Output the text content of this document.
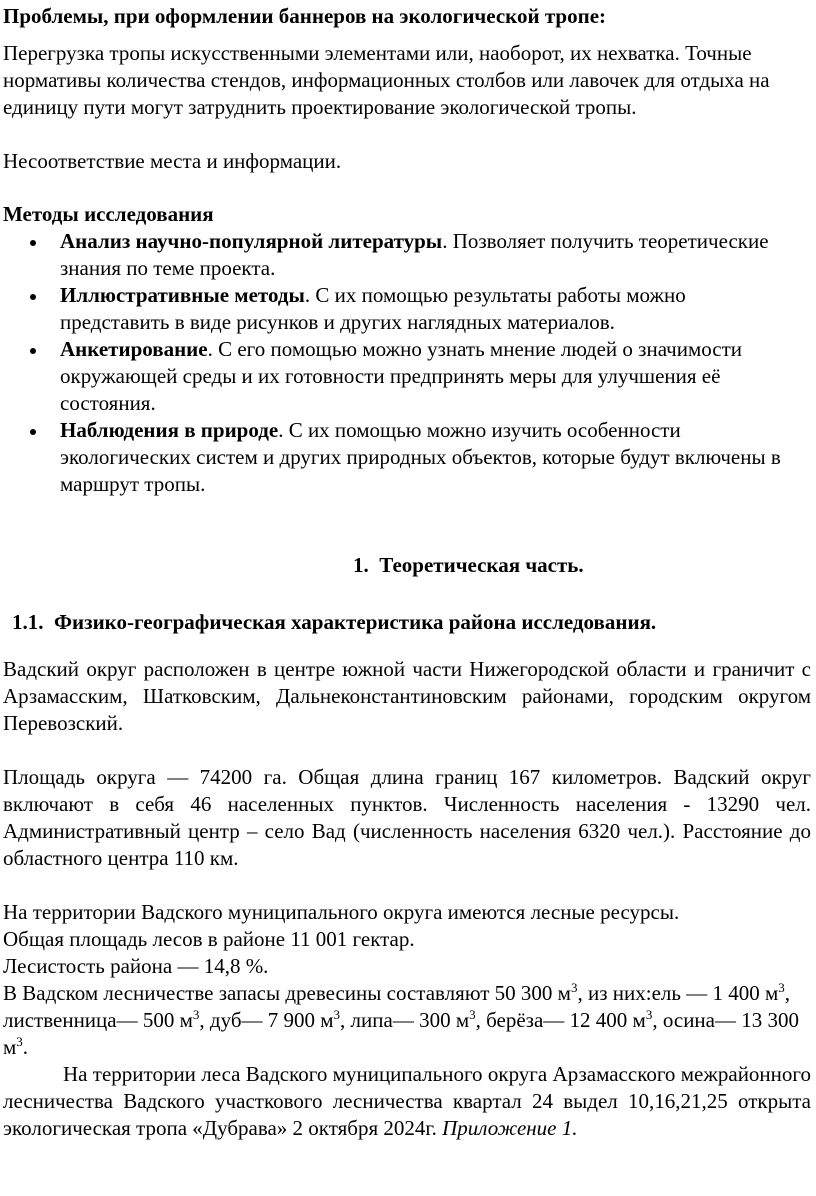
Проблемы, при оформлении баннеров на экологической тропе:
Перегрузка тропы искусственными элементами или, наоборот, их нехватка. Точные нормативы количества стендов, информационных столбов или лавочек для отдыха на единицу пути могут затруднить проектирование экологической тропы.
Несоответствие места и информации.
Методы исследования
Анализ научно-популярной литературы. Позволяет получить теоретические знания по теме проекта.
Иллюстративные методы. С их помощью результаты работы можно представить в виде рисунков и других наглядных материалов.
Анкетирование. С его помощью можно узнать мнение людей о значимости окружающей среды и их готовности предпринять меры для улучшения её состояния.
Наблюдения в природе. С их помощью можно изучить особенности экологических систем и других природных объектов, которые будут включены в маршрут тропы.
1. Теоретическая часть.
1.1. Физико-географическая характеристика района исследования.
Вадский округ расположен в центре южной части Нижегородской области и граничит с Арзамасским, Шатковским, Дальнеконстантиновским районами, городским округом Перевозский.
Площадь округа — 74200 га. Общая длина границ 167 километров. Вадский округ включают в себя 46 населенных пунктов. Численность населения - 13290 чел. Административный центр – село Вад (численность населения 6320 чел.). Расстояние до областного центра 110 км.
На территории Вадского муниципального округа имеются лесные ресурсы.
Общая площадь лесов в районе 11 001 гектар.
Лесистость района — 14,8 %.
В Вадском лесничестве запасы древесины составляют 50 300 $м^3$, из них:ель — 1 400 $м^3$, лиственница— 500 $м^3$, дуб— 7 900 $м^3$, липа— 300 $м^3$, берёза— 12 400 $м^3$, осина— 13 300 $м^3$.
На территории леса Вадского муниципального округа Арзамасского межрайонного лесничества Вадского участкового лесничества квартал 24 выдел 10,16,21,25 открыта экологическая тропа «Дубрава» 2 октября 2024г. Приложение 1.
